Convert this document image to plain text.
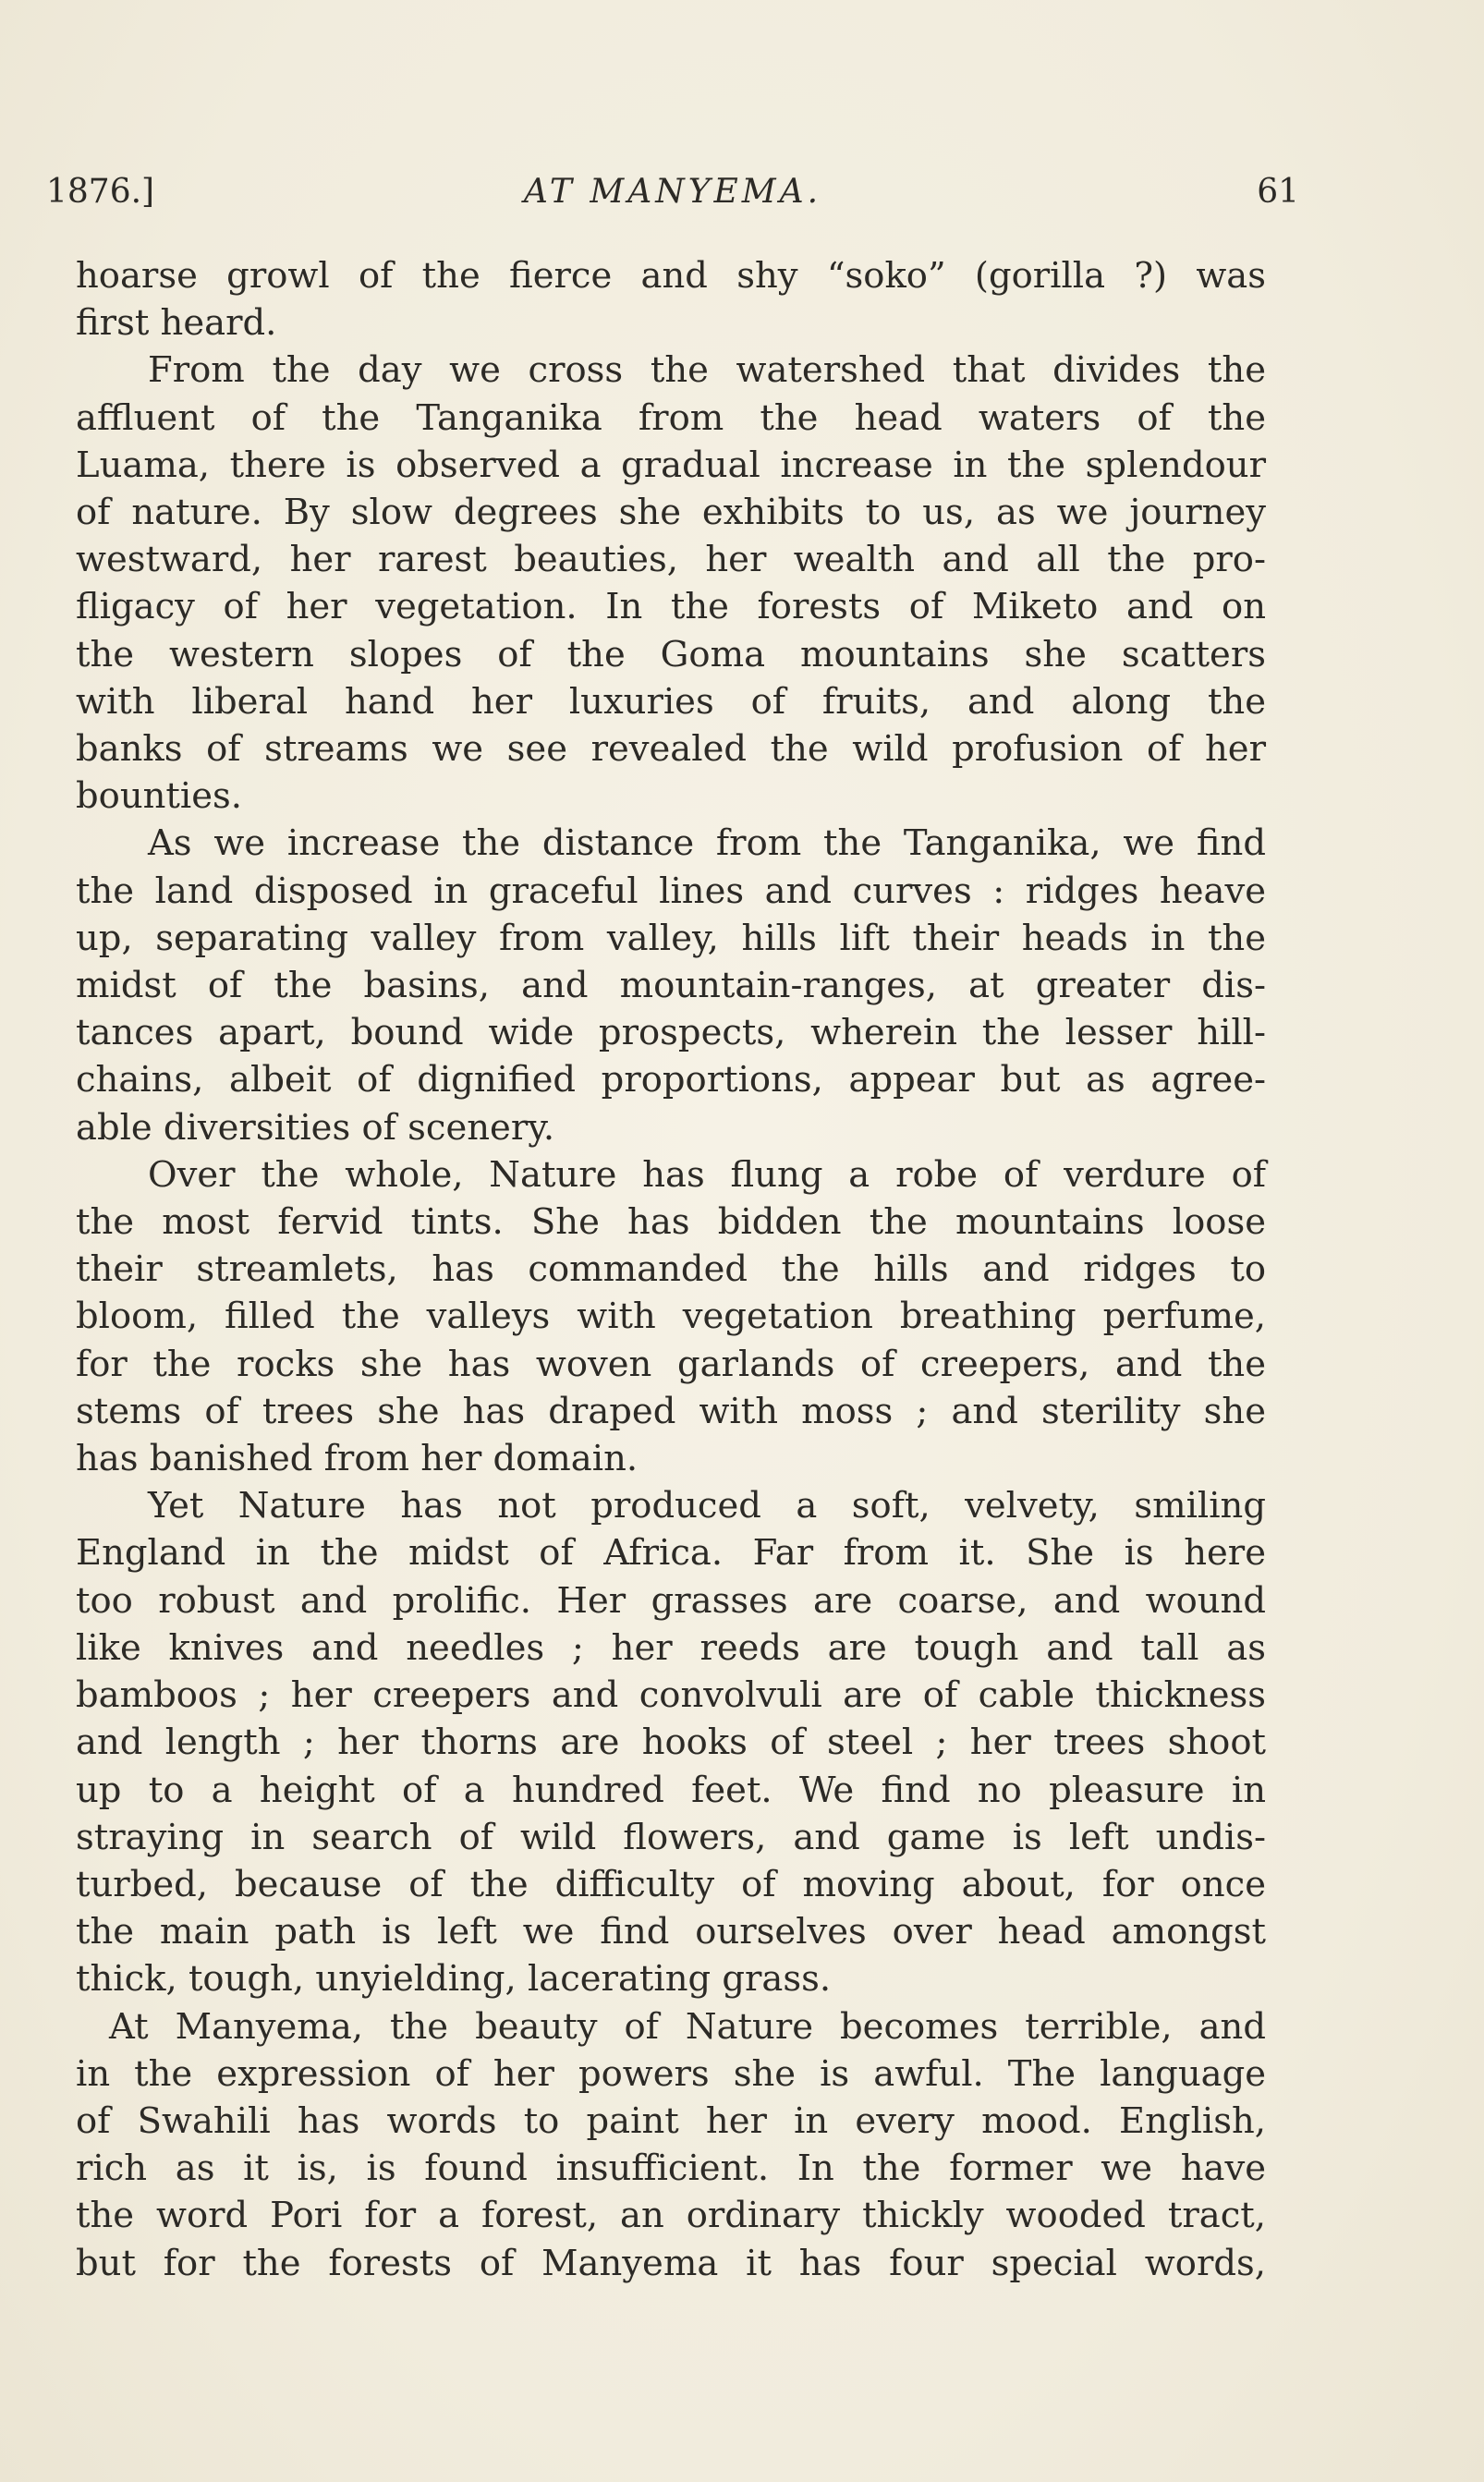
1876.]	AT MANYEMA.	61

hoarse growl of the fierce and shy “soko” (gorilla ?) was
first heard.

From the day we cross the watershed that divides the
affluent of the Tanganika from the head waters of the
Luama, there is observed a gradual increase in the splendour
of nature. By slow degrees she exhibits to us, as we journey
westward, her rarest beauties, her wealth and all the pro-
fligacy of her vegetation. In the forests of Miketo and on
the western slopes of the Goma mountains she scatters
with liberal hand her luxuries of fruits, and along the
banks of streams we see revealed the wild profusion of her
bounties.

As we increase the distance from the Tanganika, we find
the land disposed in graceful lines and curves : ridges heave
up, separating valley from valley, hills lift their heads in the
midst of the basins, and mountain-ranges, at greater dis-
tances apart, bound wide prospects, wherein the lesser hill-
chains, albeit of dignified proportions, appear but as agree-
able diversities of scenery.

Over the whole, Nature has flung a robe of verdure of
the most fervid tints. She has bidden the mountains loose
their streamlets, has commanded the hills and ridges to
bloom, filled the valleys with vegetation breathing perfume,
for the rocks she has woven garlands of creepers, and the
stems of trees she has draped with moss ; and sterility she
has banished from her domain.

Yet Nature has not produced a soft, velvety, smiling
England in the midst of Africa. Far from it. She is here
too robust and prolific. Her grasses are coarse, and wound
like knives and needles ; her reeds are tough and tall as
bamboos ; her creepers and convolvuli are of cable thickness
and length ; her thorns are hooks of steel ; her trees shoot
up to a height of a hundred feet. We find no pleasure in
straying in search of wild flowers, and game is left undis-
turbed, because of the difficulty of moving about, for once
the main path is left we find ourselves over head amongst
thick, tough, unyielding, lacerating grass.

At Manyema, the beauty of Nature becomes terrible, and
in the expression of her powers she is awful. The language
of Swahili has words to paint her in every mood. English,
rich as it is, is found insufficient. In the former we have
the word Pori for a forest, an ordinary thickly wooded tract,
but for the forests of Manyema it has four special words,
